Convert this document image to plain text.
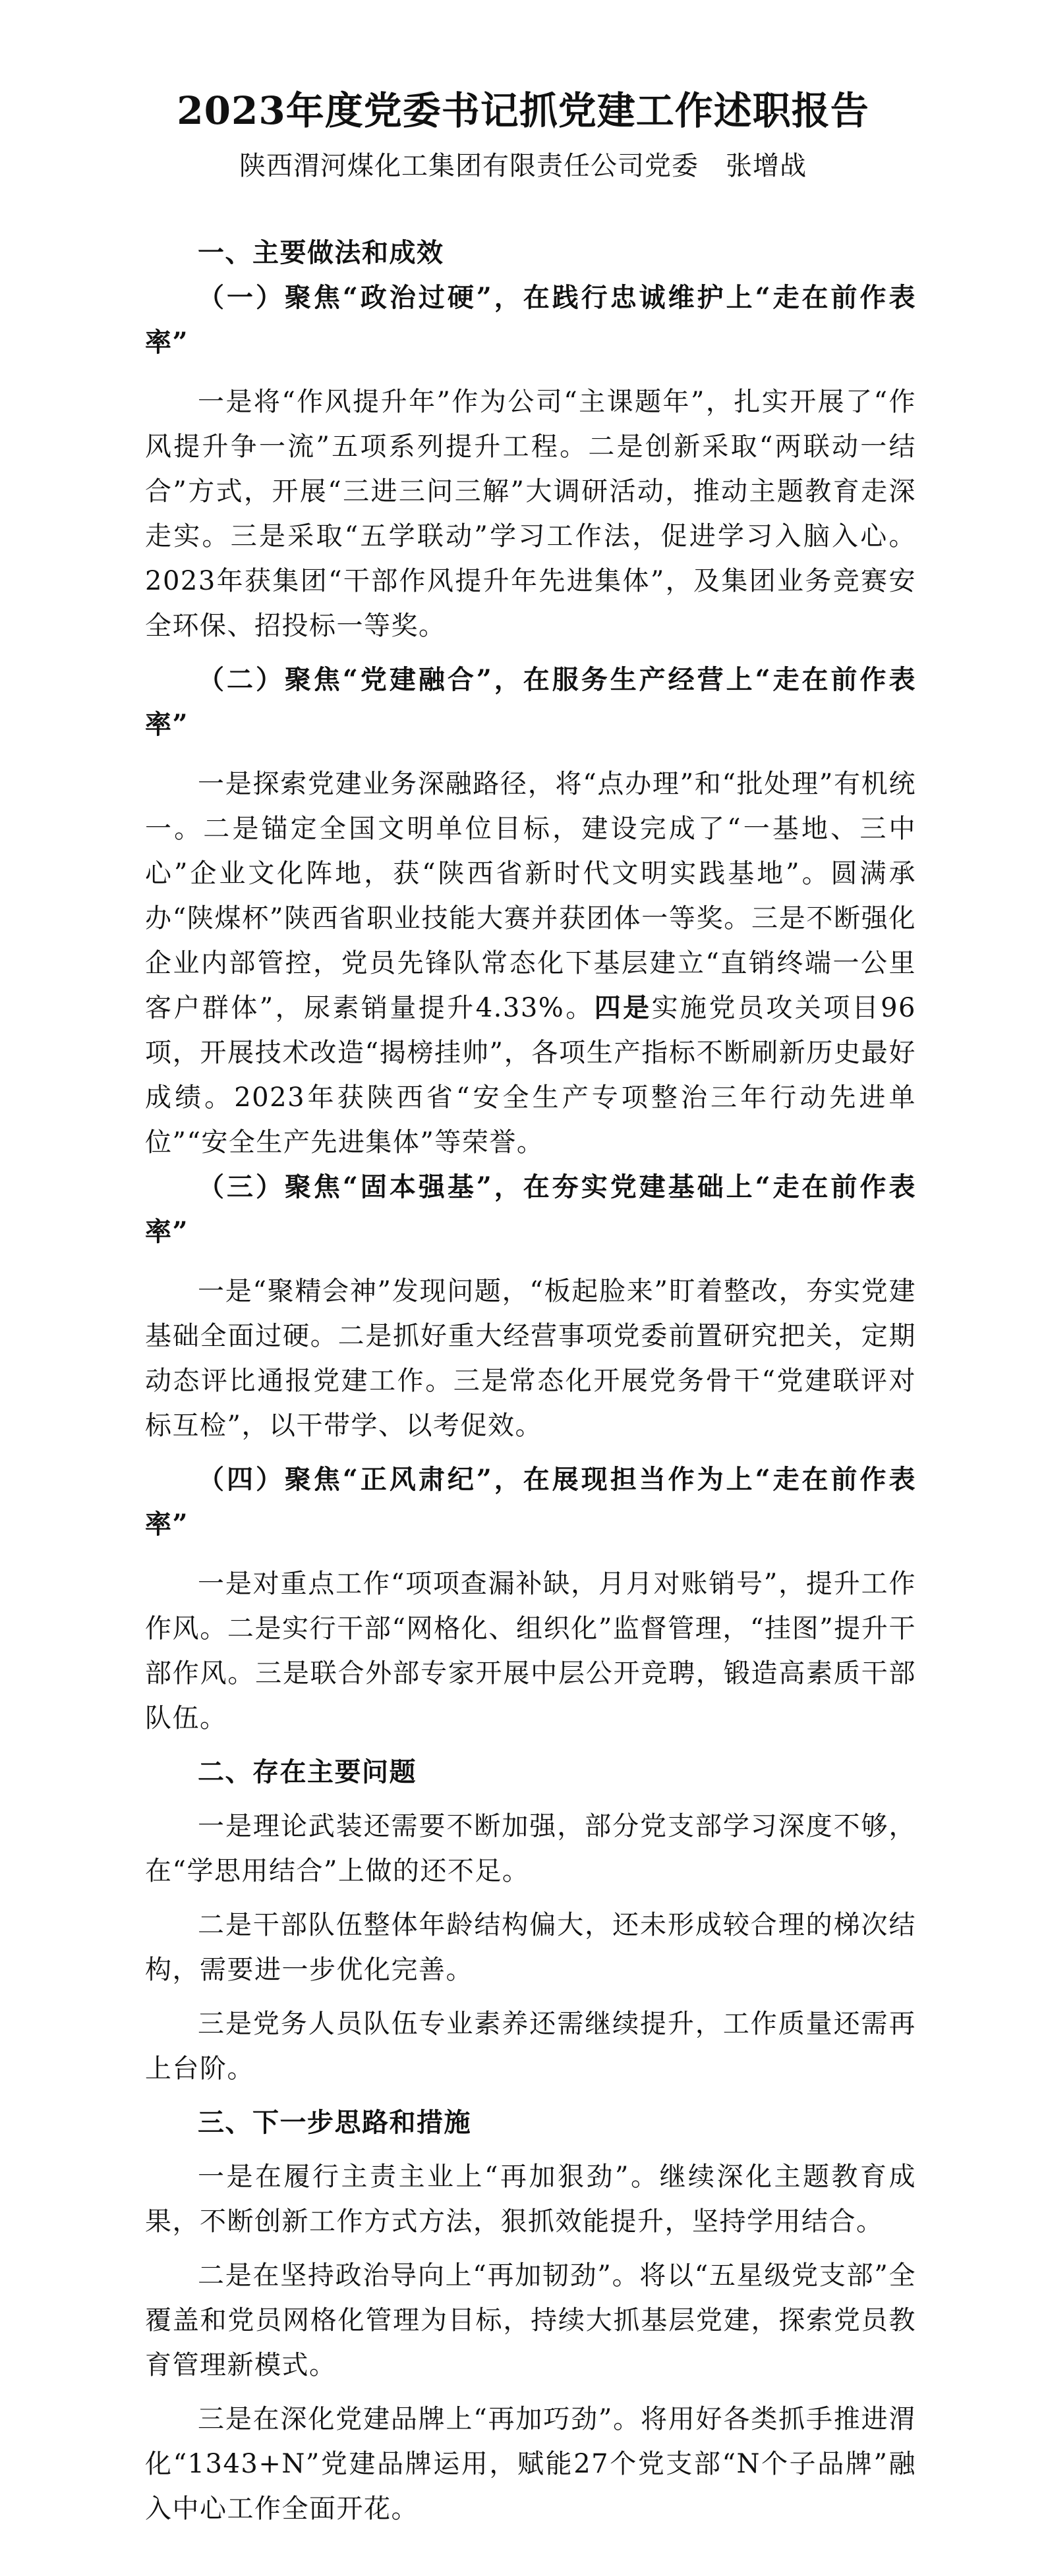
2023年度党委书记抓党建工作述职报告
陕西渭河煤化工集团有限责任公司党委　张增战

一、主要做法和成效

（一）聚焦“政治过硬”，在践行忠诚维护上“走在前作表率”

一是将“作风提升年”作为公司“主课题年”，扎实开展了“作风提升争一流”五项系列提升工程。二是创新采取“两联动一结合”方式，开展“三进三问三解”大调研活动，推动主题教育走深走实。三是采取“五学联动”学习工作法，促进学习入脑入心。2023年获集团“干部作风提升年先进集体”，及集团业务竞赛安全环保、招投标一等奖。

（二）聚焦“党建融合”，在服务生产经营上“走在前作表率”

一是探索党建业务深融路径，将“点办理”和“批处理”有机统一。二是锚定全国文明单位目标，建设完成了“一基地、三中心”企业文化阵地，获“陕西省新时代文明实践基地”。圆满承办“陕煤杯”陕西省职业技能大赛并获团体一等奖。三是不断强化企业内部管控，党员先锋队常态化下基层建立“直销终端一公里客户群体”，尿素销量提升4.33%。四是实施党员攻关项目96项，开展技术改造“揭榜挂帅”，各项生产指标不断刷新历史最好成绩。2023年获陕西省“安全生产专项整治三年行动先进单位”“安全生产先进集体”等荣誉。

（三）聚焦“固本强基”，在夯实党建基础上“走在前作表率”

一是“聚精会神”发现问题，“板起脸来”盯着整改，夯实党建基础全面过硬。二是抓好重大经营事项党委前置研究把关，定期动态评比通报党建工作。三是常态化开展党务骨干“党建联评对标互检”，以干带学、以考促效。

（四）聚焦“正风肃纪”，在展现担当作为上“走在前作表率”

一是对重点工作“项项查漏补缺，月月对账销号”，提升工作作风。二是实行干部“网格化、组织化”监督管理，“挂图”提升干部作风。三是联合外部专家开展中层公开竞聘，锻造高素质干部队伍。

二、存在主要问题

一是理论武装还需要不断加强，部分党支部学习深度不够，在“学思用结合”上做的还不足。

二是干部队伍整体年龄结构偏大，还未形成较合理的梯次结构，需要进一步优化完善。

三是党务人员队伍专业素养还需继续提升，工作质量还需再上台阶。

三、下一步思路和措施

一是在履行主责主业上“再加狠劲”。继续深化主题教育成果，不断创新工作方式方法，狠抓效能提升，坚持学用结合。

二是在坚持政治导向上“再加韧劲”。将以“五星级党支部”全覆盖和党员网格化管理为目标，持续大抓基层党建，探索党员教育管理新模式。

三是在深化党建品牌上“再加巧劲”。将用好各类抓手推进渭化“1343+N”党建品牌运用，赋能27个党支部“N个子品牌”融入中心工作全面开花。
